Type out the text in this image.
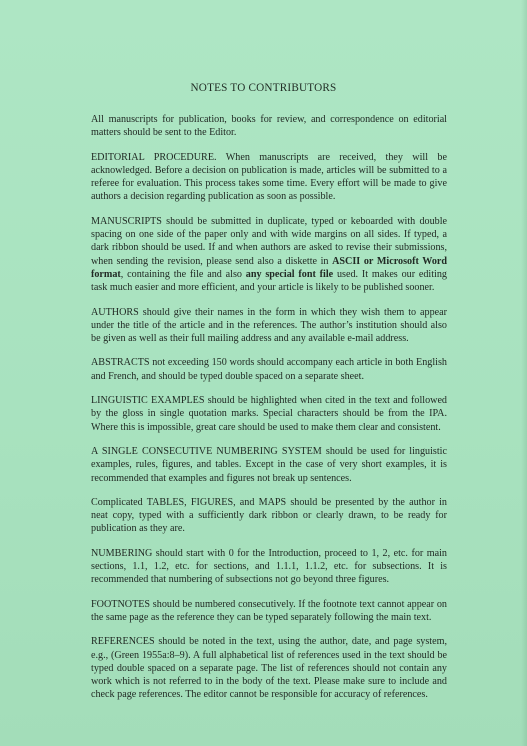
NOTES TO CONTRIBUTORS

All manuscripts for publication, books for review, and correspondence on editorial matters should be sent to the Editor.

EDITORIAL PROCEDURE. When manuscripts are received, they will be acknowledged. Before a decision on publication is made, articles will be submitted to a referee for evaluation. This process takes some time. Every effort will be made to give authors a decision regarding publication as soon as possible.

MANUSCRIPTS should be submitted in duplicate, typed or keboarded with double spacing on one side of the paper only and with wide margins on all sides. If typed, a dark ribbon should be used. If and when authors are asked to revise their submissions, when sending the revision, please send also a diskette in ASCII or Microsoft Word format, containing the file and also any special font file used. It makes our editing task much easier and more efficient, and your article is likely to be published sooner.

AUTHORS should give their names in the form in which they wish them to appear under the title of the article and in the references. The author’s institution should also be given as well as their full mailing address and any available e-mail address.

ABSTRACTS not exceeding 150 words should accompany each article in both English and French, and should be typed double spaced on a separate sheet.

LINGUISTIC EXAMPLES should be highlighted when cited in the text and followed by the gloss in single quotation marks. Special characters should be from the IPA. Where this is impossible, great care should be used to make them clear and consistent.

A SINGLE CONSECUTIVE NUMBERING SYSTEM should be used for linguistic examples, rules, figures, and tables. Except in the case of very short examples, it is recommended that examples and figures not break up sentences.

Complicated TABLES, FIGURES, and MAPS should be presented by the author in neat copy, typed with a sufficiently dark ribbon or clearly drawn, to be ready for publication as they are.

NUMBERING should start with 0 for the Introduction, proceed to 1, 2, etc. for main sections, 1.1, 1.2, etc. for sections, and 1.1.1, 1.1.2, etc. for subsections. It is recommended that numbering of subsections not go beyond three figures.

FOOTNOTES should be numbered consecutively. If the footnote text cannot appear on the same page as the reference they can be typed separately following the main text.

REFERENCES should be noted in the text, using the author, date, and page system, e.g., (Green 1955a:8–9). A full alphabetical list of references used in the text should be typed double spaced on a separate page. The list of references should not contain any work which is not referred to in the body of the text. Please make sure to include and check page references. The editor cannot be responsible for accuracy of references.
